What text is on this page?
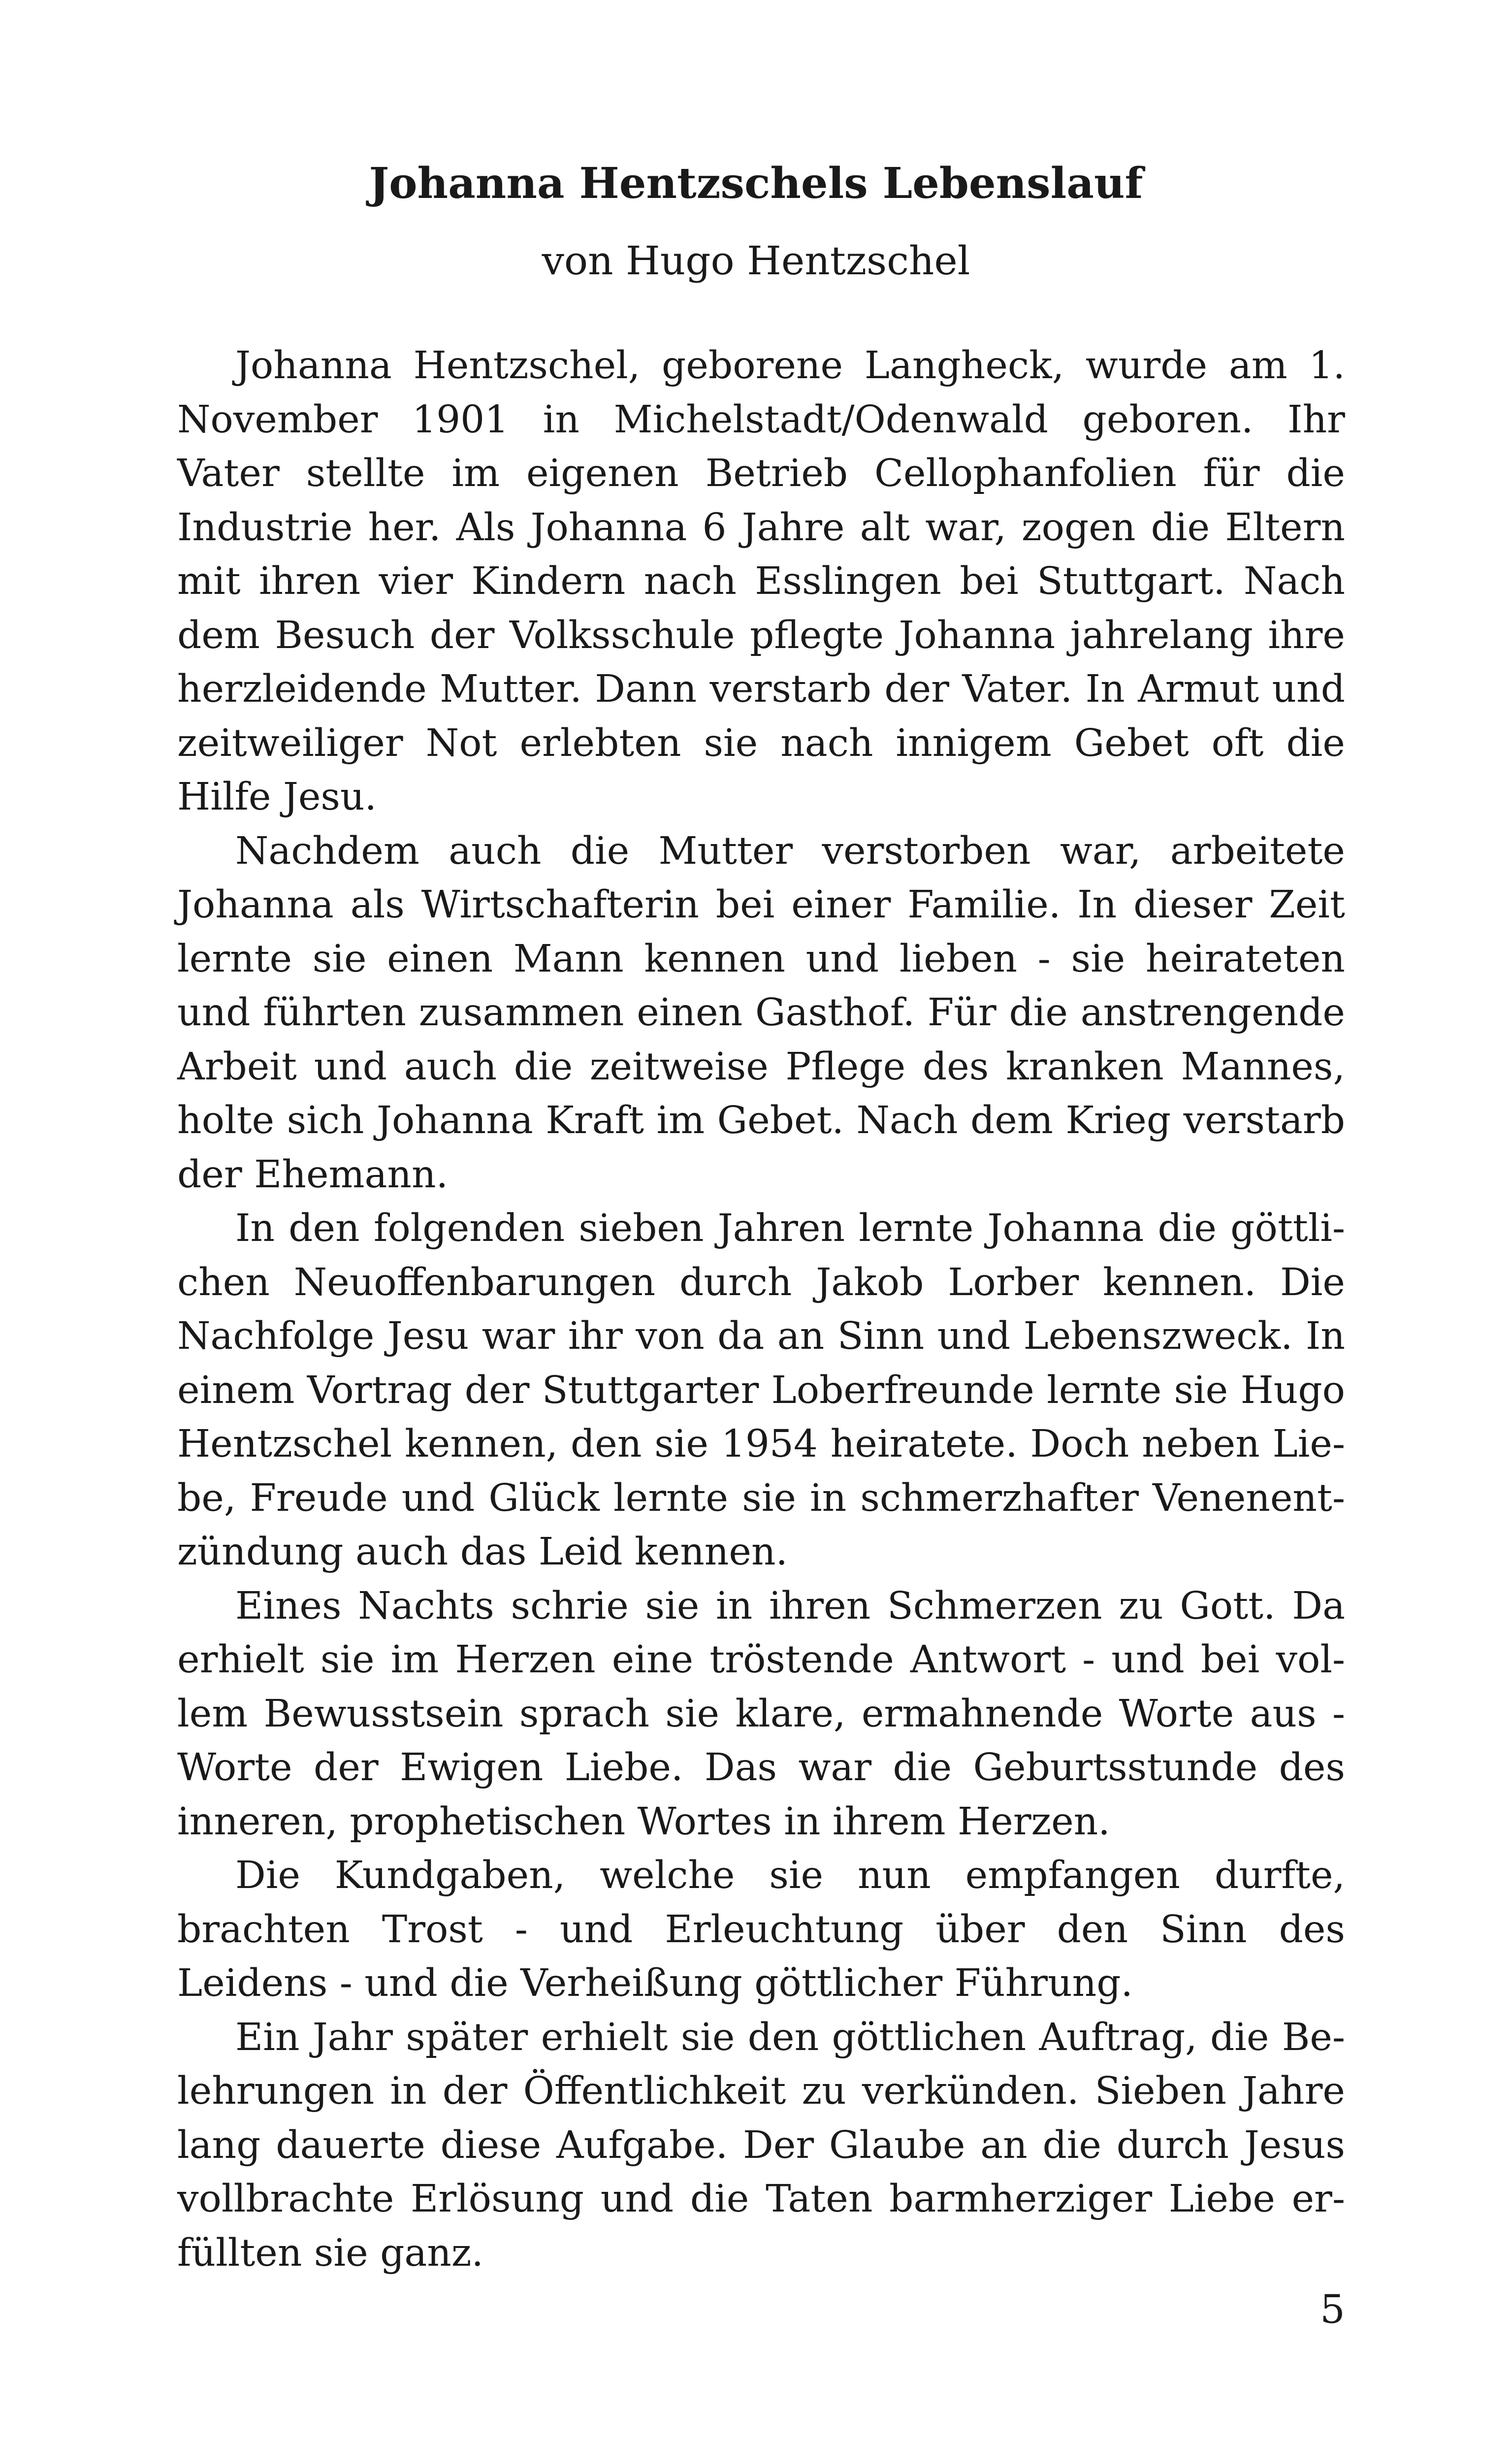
Johanna Hentzschels Lebenslauf
von Hugo Hentzschel

Johanna Hentzschel, geborene Langheck, wurde am 1. November 1901 in Michelstadt/Odenwald geboren. Ihr Vater stellte im eigenen Betrieb Cellophanfolien für die Industrie her. Als Johanna 6 Jahre alt war, zogen die Eltern mit ihren vier Kindern nach Esslingen bei Stuttgart. Nach dem Besuch der Volksschule pflegte Johanna jahrelang ihre herzleidende Mutter. Dann verstarb der Vater. In Armut und zeitweiliger Not erlebten sie nach innigem Gebet oft die Hilfe Jesu.

Nachdem auch die Mutter verstorben war, arbeitete Johanna als Wirtschafterin bei einer Familie. In dieser Zeit lernte sie einen Mann kennen und lieben - sie heirateten und führten zusammen einen Gasthof. Für die anstrengende Arbeit und auch die zeitweise Pflege des kranken Mannes, holte sich Johanna Kraft im Gebet. Nach dem Krieg verstarb der Ehemann.

In den folgenden sieben Jahren lernte Johanna die göttlichen Neuoffenbarungen durch Jakob Lorber kennen. Die Nachfolge Jesu war ihr von da an Sinn und Lebenszweck. In einem Vortrag der Stuttgarter Loberfreunde lernte sie Hugo Hentzschel kennen, den sie 1954 heiratete. Doch neben Liebe, Freude und Glück lernte sie in schmerzhafter Venenentzündung auch das Leid kennen.

Eines Nachts schrie sie in ihren Schmerzen zu Gott. Da erhielt sie im Herzen eine tröstende Antwort - und bei vollem Bewusstsein sprach sie klare, ermahnende Worte aus - Worte der Ewigen Liebe. Das war die Geburtsstunde des inneren, prophetischen Wortes in ihrem Herzen.

Die Kundgaben, welche sie nun empfangen durfte, brachten Trost - und Erleuchtung über den Sinn des Leidens - und die Verheißung göttlicher Führung.

Ein Jahr später erhielt sie den göttlichen Auftrag, die Belehrungen in der Öffentlichkeit zu verkünden. Sieben Jahre lang dauerte diese Aufgabe. Der Glaube an die durch Jesus vollbrachte Erlösung und die Taten barmherziger Liebe erfüllten sie ganz.

5
